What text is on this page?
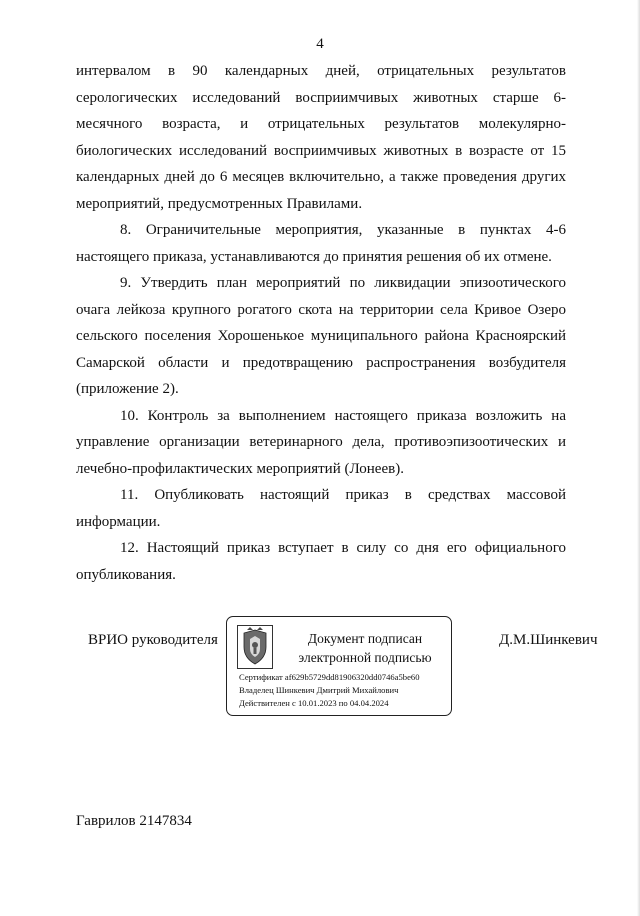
4

интервалом в 90 календарных дней, отрицательных результатов серологических исследований восприимчивых животных старше 6-месячного возраста, и отрицательных результатов молекулярно-биологических исследований восприимчивых животных в возрасте от 15 календарных дней до 6 месяцев включительно, а также проведения других мероприятий, предусмотренных Правилами.

8. Ограничительные мероприятия, указанные в пунктах 4-6 настоящего приказа, устанавливаются до принятия решения об их отмене.

9. Утвердить план мероприятий по ликвидации эпизоотического очага лейкоза крупного рогатого скота на территории села Кривое Озеро сельского поселения Хорошенькое муниципального района Красноярский Самарской области и предотвращению распространения возбудителя (приложение 2).

10. Контроль за выполнением настоящего приказа возложить на управление организации ветеринарного дела, противоэпизоотических и лечебно-профилактических мероприятий (Лонеев).

11. Опубликовать настоящий приказ в средствах массовой информации.

12. Настоящий приказ вступает в силу со дня его официального опубликования.

ВРИО руководителя	Документ подписан
электронной подписью
Сертификат af629b5729dd81906320dd0746a5be60
Владелец Шинкевич Дмитрий Михайлович
Действителен с 10.01.2023 по 04.04.2024
Д.М.Шинкевич
Гаврилов 2147834
